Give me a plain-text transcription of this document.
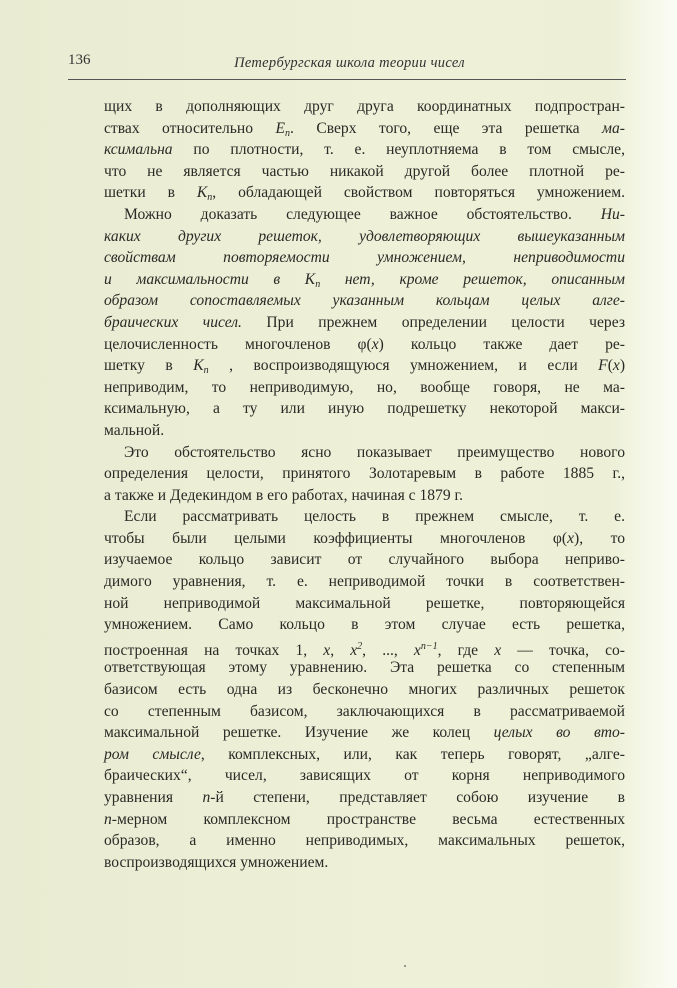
136	Петербургская школа теории чисел
щих в дополняющих друг друга координатных подпростран-
ствах относительно $E_n$. Сверх того, еще эта решетка ма-
ксимальна по плотности, т. е. неуплотняема в том смысле,
что не является частью никакой другой более плотной ре-
шетки в $K_n$, обладающей свойством повторяться умножением.
Можно доказать следующее важное обстоятельство. Ни-
каких других решеток, удовлетворяющих вышеуказанным
свойствам повторяемости умножением, неприводимости
и максимальности в $K_n$ нет, кроме решеток, описанным
образом сопоставляемых указанным кольцам целых алге-
браических чисел. При прежнем определении целости через
целочисленность многочленов φ(x) кольцо также дает ре-
шетку в $K_n$ , воспроизводящуюся умножением, и если F(x)
неприводим, то неприводимую, но, вообще говоря, не ма-
ксимальную, а ту или иную подрешетку некоторой макси-
мальной.
Это обстоятельство ясно показывает преимущество нового
определения целости, принятого Золотаревым в работе 1885 г.,
а также и Дедекиндом в его работах, начиная с 1879 г.
Если рассматривать целость в прежнем смысле, т. е.
чтобы были целыми коэффициенты многочленов φ(x), то
изучаемое кольцо зависит от случайного выбора неприво-
димого уравнения, т. е. неприводимой точки в соответствен-
ной неприводимой максимальной решетке, повторяющейся
умножением. Само кольцо в этом случае есть решетка,
построенная на точках 1, x, $x^2$, ..., $x^{n-1}$, где x — точка, со-
ответствующая этому уравнению. Эта решетка со степенным
базисом есть одна из бесконечно многих различных решеток
со степенным базисом, заключающихся в рассматриваемой
максимальной решетке. Изучение же колец целых во вто-
ром смысле, комплексных, или, как теперь говорят, „алге-
браических“, чисел, зависящих от корня неприводимого
уравнения n-й степени, представляет собою изучение в
n-мерном комплексном пространстве весьма естественных
образов, а именно неприводимых, максимальных решеток,
воспроизводящихся умножением.
